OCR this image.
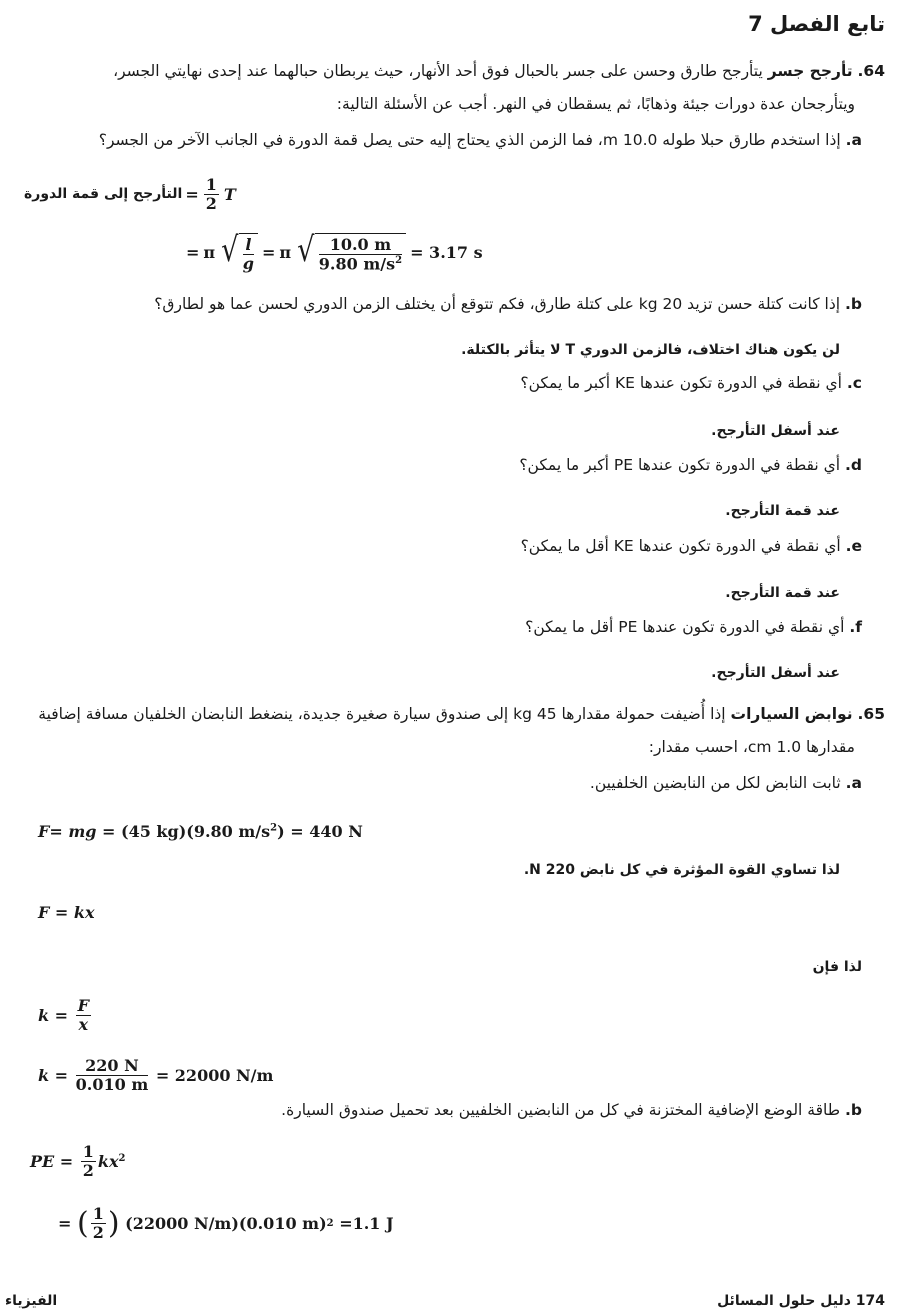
تابع الفصل 7
64. تأرجح جسر يتأرجح طارق وحسن على جسر بالحبال فوق أحد الأنهار، حيث يربطان حبالهما عند إحدى نهايتي الجسر،
ويتأرجحان عدة دورات جيئة وذهابًا، ثم يسقطان في النهر. أجب عن الأسئلة التالية:
a. إذا استخدم طارق حبلا طوله 10.0 m، فما الزمن الذي يحتاج إليه حتى يصل قمة الدورة في الجانب الآخر من الجسر؟
التأرجح إلى قمة الدورة = $\frac{1}{2}$ T
= π √ $\frac{l}{g} = \pi$ √ $\frac{10.0 m}{9.80 m/s^2} = 3.17$ s
b. إذا كانت كتلة حسن تزيد 20 kg على كتلة طارق، فكم تتوقع أن يختلف الزمن الدوري لحسن عما هو لطارق؟
لن يكون هناك اختلاف، فالزمن الدوري T لا يتأثر بالكتلة.
c. أي نقطة في الدورة تكون عندها KE أكبر ما يمكن؟
عند أسفل التأرجح.
d. أي نقطة في الدورة تكون عندها PE أكبر ما يمكن؟
عند قمة التأرجح.
e. أي نقطة في الدورة تكون عندها KE أقل ما يمكن؟
عند قمة التأرجح.
f. أي نقطة في الدورة تكون عندها PE أقل ما يمكن؟
عند أسفل التأرجح.
65. نوابض السيارات إذا أُضيفت حمولة مقدارها 45 kg إلى صندوق سيارة صغيرة جديدة، ينضغط النابضان الخلفيان مسافة إضافية
مقدارها 1.0 cm، احسب مقدار:
a. ثابت النابض لكل من النابضين الخلفيين.
F= mg = (45 kg)(9.80 $m/s^2) = 440$ N
لذا تساوي القوة المؤثرة في كل نابض 220 N.
F = kx
لذا فإن
$k = \frac{F}{x}$
$k = \frac{220 N}{0.010 m} = 22000$ N/m
b. طاقة الوضع الإضافية المختزنة في كل من النابضين الخلفيين بعد تحميل صندوق السيارة.
PE = $\frac{1}{2}$ kx 2
= ( $\frac{1}{2}$ ) (22000 N/m)(0.010 m) 2 =1.1 J
174 دليل حلول المسائل
الفيزياء
